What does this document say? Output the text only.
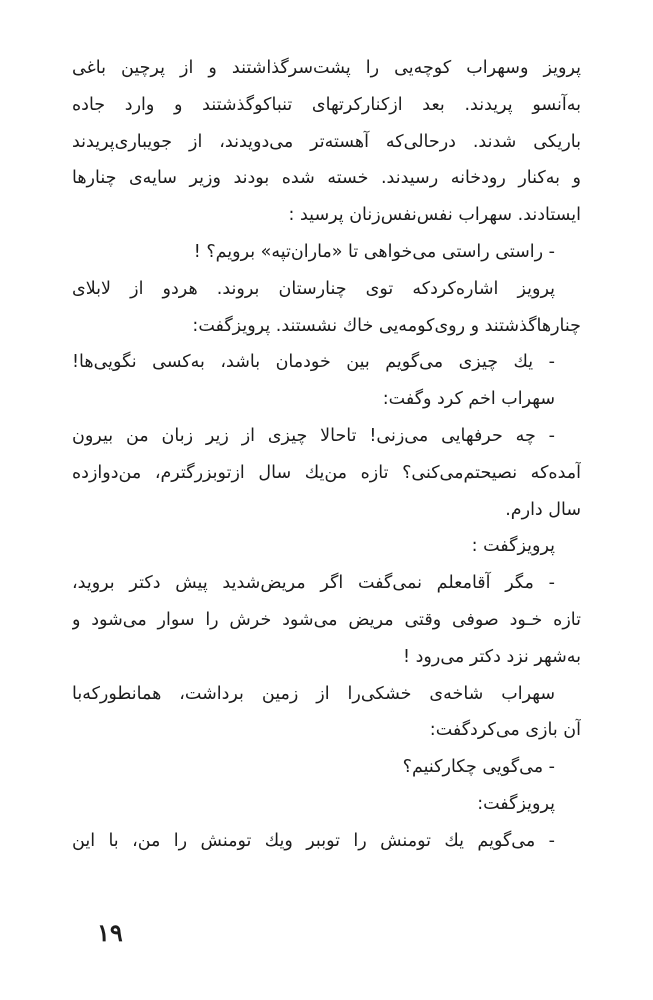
پرویز وسهراب کوچه‌یی را پشت‌سرگذاشتند و از پرچین باغی
به‌آنسو پریدند. بعد ازکنارکرتهای تنباکوگذشتند و وارد جاده
باریکی شدند. درحالی‌که آهسته‌تر می‌دویدند، از جویباری‌پریدند
و به‌کنار رودخانه رسیدند. خسته شده بودند وزیر سایه‌ی چنارها
ایستادند. سهراب نفس‌نفس‌زنان پرسید :
- راستی راستی می‌خواهی تا «ماران‌تپه» برویم؟ !
پرویز اشاره‌کردکه توی چنارستان بروند. هردو از لابلای
چنارهاگذشتند و روی‌کومه‌یی خاك نشستند. پرویزگفت:
- یك چیزی می‌گویم بین خودمان باشد، به‌کسی نگویی‌ها!
سهراب اخم کرد وگفت:
- چه حرفهایی می‌زنی! تاحالا چیزی از زیر زبان من بیرون
آمده‌که نصیحتم‌می‌کنی؟ تازه من‌یك سال ازتوبزرگترم، من‌دوازده
سال دارم.
پرویزگفت :
- مگر آقامعلم نمی‌گفت اگر مریض‌شدید پیش دکتر بروید،
تازه خـود صوفی وقتی مریض می‌شود خرش را سوار می‌شود و
به‌شهر نزد دکتر می‌رود !
سهراب شاخه‌ی خشکی‌را از زمین برداشت، همانطورکه‌با
آن بازی می‌کردگفت:
- می‌گویی چکارکنیم؟
پرویزگفت:
- می‌گویم یك تومنش را توببر ویك تومنش را من، با این
۱۹
